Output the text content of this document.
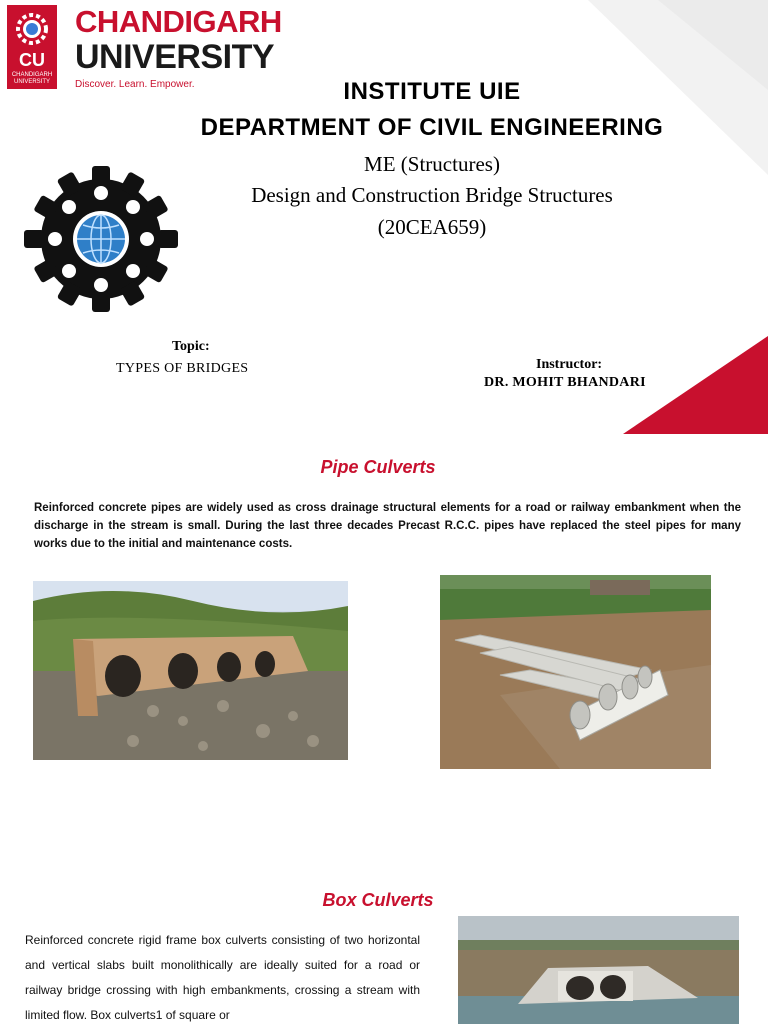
CU
CHANDIGARH UNIVERSITY
CHANDIGARH
UNIVERSITY
Discover. Learn. Empower.	INSTITUTE UIE
DEPARTMENT OF CIVIL ENGINEERING
ME (Structures)
Design and Construction Bridge Structures
(20CEA659)
Topic:
TYPES OF BRIDGES	Instructor:
DR. MOHIT BHANDARI
Pipe Culverts
Reinforced concrete pipes are widely used as cross drainage structural elements for a road or railway embankment when the discharge in the stream is small. During the last three decades Precast R.C.C. pipes have replaced the steel pipes for many works due to the initial and maintenance costs.
Box Culverts
Reinforced concrete rigid frame box culverts consisting of two horizontal and vertical slabs built monolithically are ideally suited for a road or railway bridge crossing with high embankments, crossing a stream with limited flow. Box culverts1 of square or
